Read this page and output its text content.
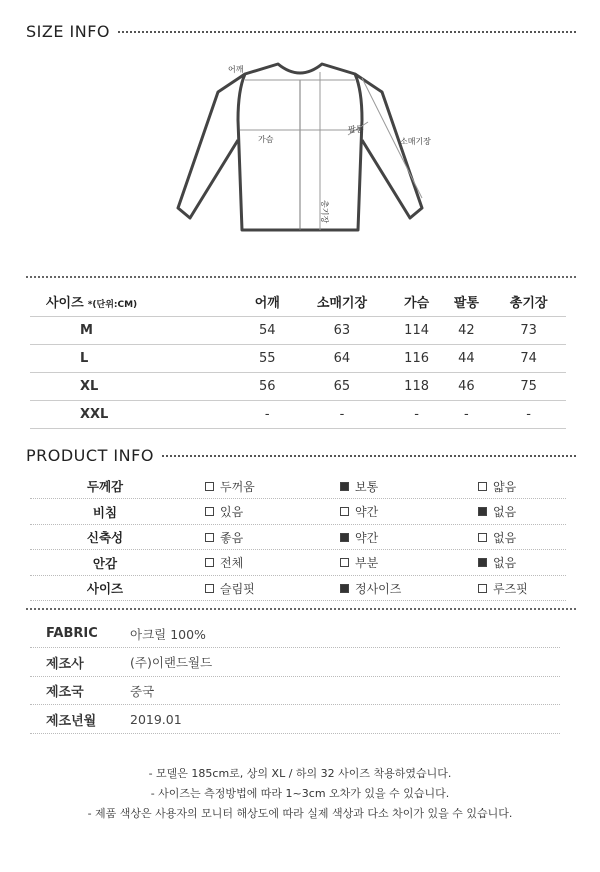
SIZE INFO
어깨
가슴
팔통
소매기장
총기장
사이즈 *(단위:CM)	어깨	소매기장	가슴	팔통	총기장
M	54	63	114	42	73
L	55	64	116	44	74
XL	56	65	118	46	75
XXL	-	-	-	-	-
PRODUCT INFO
두께감	두꺼움	보통	얇음
비침	있음	약간	없음
신축성	좋음	약간	없음
안감	전체	부분	없음
사이즈	슬림핏	정사이즈	루즈핏
FABRIC	아크릴 100%
제조사	(주)이랜드월드
제조국	중국
제조년월	2019.01
- 모델은 185cm로, 상의 XL / 하의 32 사이즈 착용하였습니다.
- 사이즈는 측정방법에 따라 1~3cm 오차가 있을 수 있습니다.
- 제품 색상은 사용자의 모니터 해상도에 따라 실제 색상과 다소 차이가 있을 수 있습니다.
